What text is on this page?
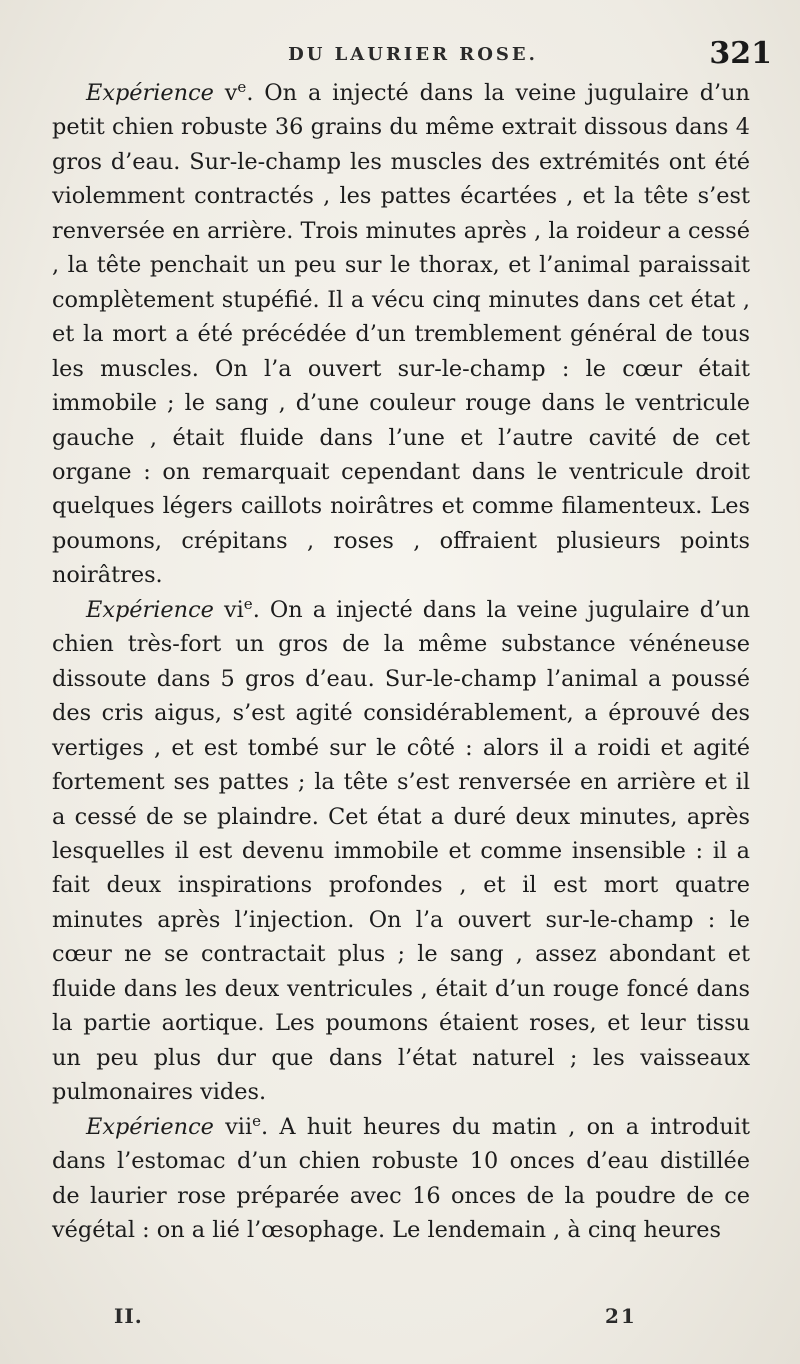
DU LAURIER ROSE.	321

Expérience $v^e$. On a injecté dans la veine jugulaire d’un petit chien robuste 36 grains du même extrait dissous dans 4 gros d’eau. Sur-le-champ les muscles des extrémités ont été violemment contractés , les pattes écartées , et la tête s’est renversée en arrière. Trois minutes après , la roideur a cessé , la tête penchait un peu sur le thorax, et l’animal paraissait complètement stupéfié. Il a vécu cinq minutes dans cet état , et la mort a été précédée d’un tremblement général de tous les muscles. On l’a ouvert sur-le-champ : le cœur était immobile ; le sang , d’une couleur rouge dans le ventricule gauche , était fluide dans l’une et l’autre cavité de cet organe : on remarquait cependant dans le ventricule droit quelques légers caillots noirâtres et comme filamenteux. Les poumons, crépitans , roses , offraient plusieurs points noirâtres.

Expérience $vi^e$. On a injecté dans la veine jugulaire d’un chien très-fort un gros de la même substance vénéneuse dissoute dans 5 gros d’eau. Sur-le-champ l’animal a poussé des cris aigus, s’est agité considérablement, a éprouvé des vertiges , et est tombé sur le côté : alors il a roidi et agité fortement ses pattes ; la tête s’est renversée en arrière et il a cessé de se plaindre. Cet état a duré deux minutes, après lesquelles il est devenu immobile et comme insensible : il a fait deux inspirations profondes , et il est mort quatre minutes après l’injection. On l’a ouvert sur-le-champ : le cœur ne se contractait plus ; le sang , assez abondant et fluide dans les deux ventricules , était d’un rouge foncé dans la partie aortique. Les poumons étaient roses, et leur tissu un peu plus dur que dans l’état naturel ; les vaisseaux pulmonaires vides.

Expérience vii$^e$. A huit heures du matin , on a introduit dans l’estomac d’un chien robuste 10 onces d’eau distillée de laurier rose préparée avec 16 onces de la poudre de ce végétal : on a lié l’œsophage. Le lendemain , à cinq heures

II.	21
